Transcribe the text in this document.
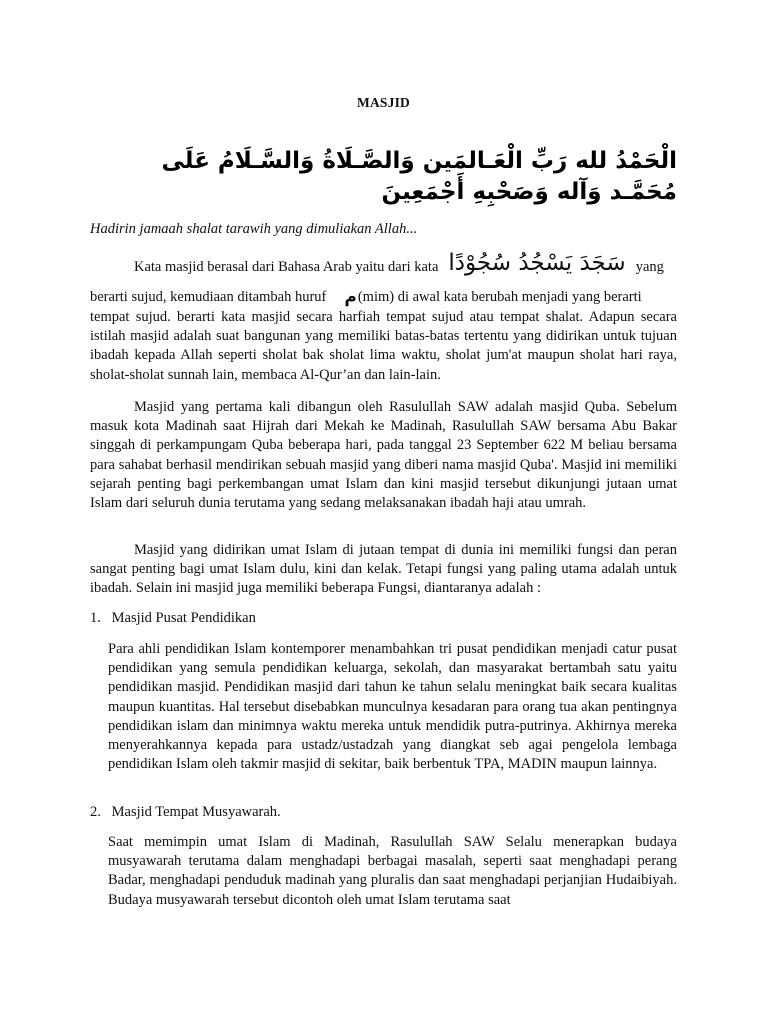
MASJID
الْحَمْدُ لله رَبِّ الْعَـالمَين وَالصَّـلَاةُ وَالسَّـلَامُ عَلَى مُحَمَّـد وَآله وَصَحْبِهِ أَجْمَعِينَ
Hadirin jamaah shalat tarawih yang dimuliakan Allah...
Kata masjid berasal dari Bahasa Arab yaitu dari kata سَجَدَ يَسْجُدُ سُجُوْدًا yang
berarti sujud, kemudiaan ditambah huruf م (mim) di awal kata berubah menjadi yang berarti

tempat sujud. berarti kata masjid secara harfiah tempat sujud atau tempat shalat. Adapun secara istilah masjid adalah suat bangunan yang memiliki batas-batas tertentu yang didirikan untuk tujuan ibadah kepada Allah seperti sholat bak sholat lima waktu, sholat jum'at maupun sholat hari raya, sholat-sholat sunnah lain, membaca Al-Qur’an dan lain-lain.

Masjid yang pertama kali dibangun oleh Rasulullah SAW adalah masjid Quba. Sebelum masuk kota Madinah saat Hijrah dari Mekah ke Madinah, Rasulullah SAW bersama Abu Bakar singgah di perkampungam Quba beberapa hari, pada tanggal 23 September 622 M beliau bersama para sahabat berhasil mendirikan sebuah masjid yang diberi nama masjid Quba'. Masjid ini memiliki sejarah penting bagi perkembangan umat Islam dan kini masjid tersebut dikunjungi jutaan umat Islam dari seluruh dunia terutama yang sedang melaksanakan ibadah haji atau umrah.

Masjid yang didirikan umat Islam di jutaan tempat di dunia ini memiliki fungsi dan peran sangat penting bagi umat Islam dulu, kini dan kelak. Tetapi fungsi yang paling utama adalah untuk ibadah. Selain ini masjid juga memiliki beberapa Fungsi, diantaranya adalah :

1. Masjid Pusat Pendidikan

Para ahli pendidikan Islam kontemporer menambahkan tri pusat pendidikan menjadi catur pusat pendidikan yang semula pendidikan keluarga, sekolah, dan masyarakat bertambah satu yaitu pendidikan masjid. Pendidikan masjid dari tahun ke tahun selalu meningkat baik secara kualitas maupun kuantitas. Hal tersebut disebabkan munculnya kesadaran para orang tua akan pentingnya pendidikan islam dan minimnya waktu mereka untuk mendidik putra-putrinya. Akhirnya mereka menyerahkannya kepada para ustadz/ustadzah yang diangkat seb agai pengelola lembaga pendidikan Islam oleh takmir masjid di sekitar, baik berbentuk TPA, MADIN maupun lainnya.

2. Masjid Tempat Musyawarah.

Saat memimpin umat Islam di Madinah, Rasulullah SAW Selalu menerapkan budaya musyawarah terutama dalam menghadapi berbagai masalah, seperti saat menghadapi perang Badar, menghadapi penduduk madinah yang pluralis dan saat menghadapi perjanjian Hudaibiyah. Budaya musyawarah tersebut dicontoh oleh umat Islam terutama saat
